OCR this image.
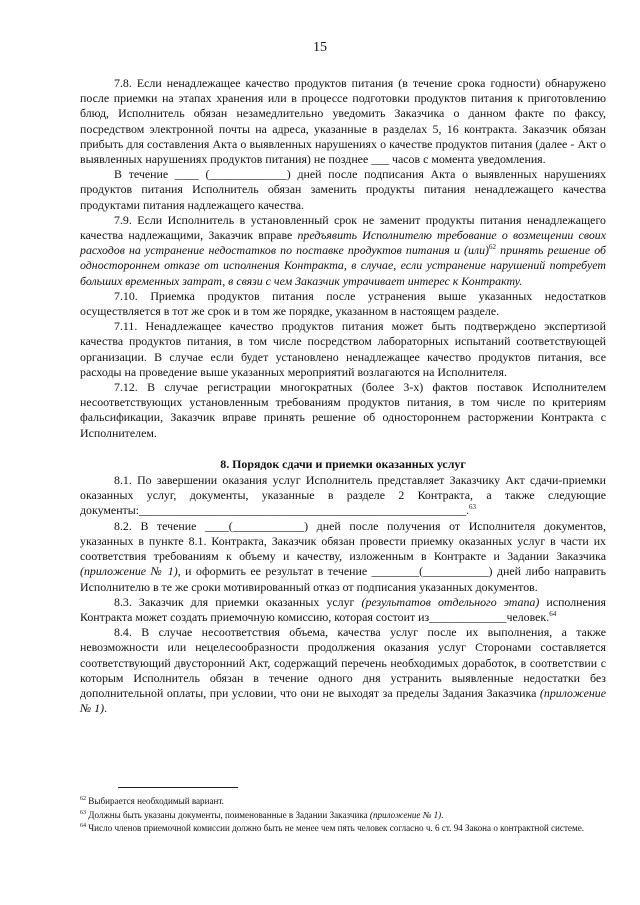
15

7.8. Если ненадлежащее качество продуктов питания (в течение срока годности) обнаружено после приемки на этапах хранения или в процессе подготовки продуктов питания к приготовлению блюд, Исполнитель обязан незамедлительно уведомить Заказчика о данном факте по факсу, посредством электронной почты на адреса, указанные в разделах 5, 16 контракта. Заказчик обязан прибыть для составления Акта о выявленных нарушениях о качестве продуктов питания (далее - Акт о выявленных нарушениях продуктов питания) не позднее ___ часов с момента уведомления.

В течение ____ (_____________) дней после подписания Акта о выявленных нарушениях продуктов питания Исполнитель обязан заменить продукты питания ненадлежащего качества продуктами питания надлежащего качества.

7.9. Если Исполнитель в установленный срок не заменит продукты питания ненадлежащего качества надлежащими, Заказчик вправе предъявить Исполнителю требование о возмещении своих расходов на устранение недостатков по поставке продуктов питания и (или)$^{62}$ принять решение об одностороннем отказе от исполнения Контракта, в случае, если устранение нарушений потребует больших временных затрат, в связи с чем Заказчик утрачивает интерес к Контракту.

7.10. Приемка продуктов питания после устранения выше указанных недостатков осуществляется в тот же срок и в том же порядке, указанном в настоящем разделе.

7.11. Ненадлежащее качество продуктов питания может быть подтверждено экспертизой качества продуктов питания, в том числе посредством лабораторных испытаний соответствующей организации. В случае если будет установлено ненадлежащее качество продуктов питания, все расходы на проведение выше указанных мероприятий возлагаются на Исполнителя.

7.12. В случае регистрации многократных (более 3-х) фактов поставок Исполнителем несоответствующих установленным требованиям продуктов питания, в том числе по критериям фальсификации, Заказчик вправе принять решение об одностороннем расторжении Контракта с Исполнителем.

8. Порядок сдачи и приемки оказанных услуг

8.1. По завершении оказания услуг Исполнитель представляет Заказчику Акт сдачи-приемки оказанных услуг, документы, указанные в разделе 2 Контракта, а также следующие документы:_______________________________________________________.$^{63}$

8.2. В течение ____(____________) дней после получения от Исполнителя документов, указанных в пункте 8.1. Контракта, Заказчик обязан провести приемку оказанных услуг в части их соответствия требованиям к объему и качеству, изложенным в Контракте и Задании Заказчика (приложение № 1), и оформить ее результат в течение ________(___________) дней либо направить Исполнителю в те же сроки мотивированный отказ от подписания указанных документов.

8.3. Заказчик для приемки оказанных услуг (результатов отдельного этапа) исполнения Контракта может создать приемочную комиссию, которая состоит из_____________человек.$^{64}$

8.4. В случае несоответствия объема, качества услуг после их выполнения, а также невозможности или нецелесообразности продолжения оказания услуг Сторонами составляется соответствующий двусторонний Акт, содержащий перечень необходимых доработок, в соответствии с которым Исполнитель обязан в течение одного дня устранить выявленные недостатки без дополнительной оплаты, при условии, что они не выходят за пределы Задания Заказчика (приложение № 1).

$^{62}$ Выбирается необходимый вариант.

$^{63}$ Должны быть указаны документы, поименованные в Задании Заказчика (приложение № 1).

$^{64}$ Число членов приемочной комиссии должно быть не менее чем пять человек согласно ч. 6 ст. 94 Закона о контрактной системе.
